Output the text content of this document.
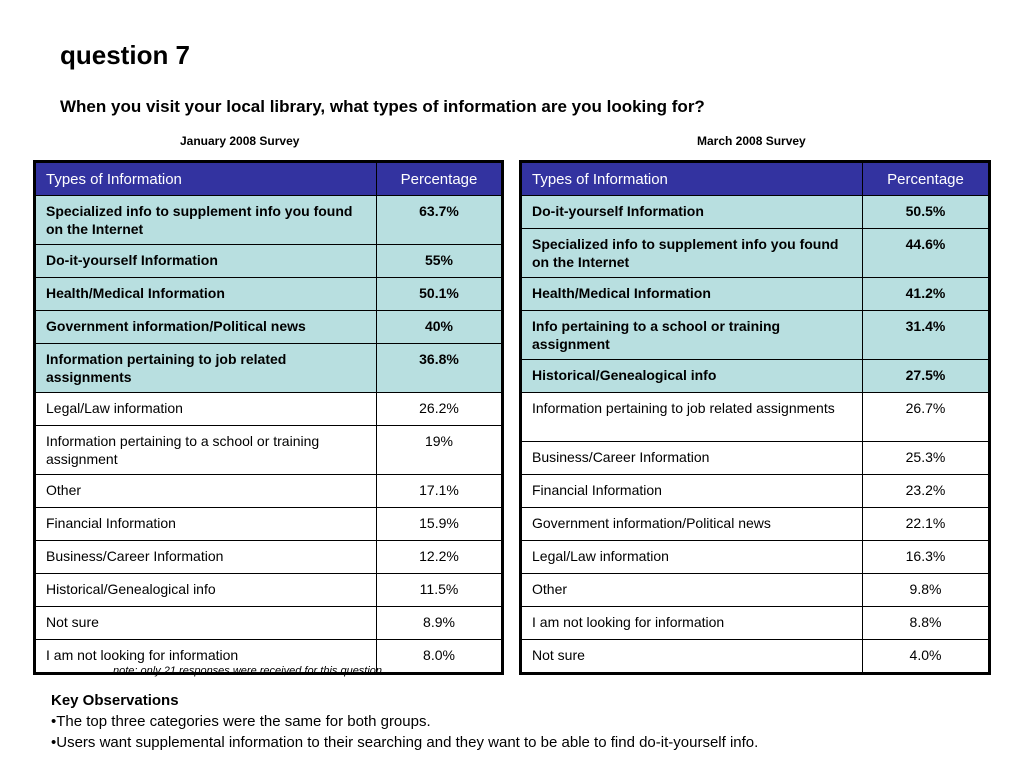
question 7
When you visit your local library, what types of information are you looking for?
January 2008 Survey	March 2008 Survey
Types of Information	Percentage
Specialized info to supplement info you found on the Internet	63.7%
Do-it-yourself Information	55%
Health/Medical Information	50.1%
Government information/Political news	40%
Information pertaining to job related assignments	36.8%
Legal/Law information	26.2%
Information pertaining to a school or training assignment	19%
Other	17.1%
Financial Information	15.9%
Business/Career Information	12.2%
Historical/Genealogical info	11.5%
Not sure	8.9%
I am not looking for information	8.0%
Types of Information	Percentage
Do-it-yourself Information	50.5%
Specialized info to supplement info you found on the Internet	44.6%
Health/Medical Information	41.2%
Info pertaining to a school or training assignment	31.4%
Historical/Genealogical info	27.5%
Information pertaining to job related assignments	26.7%
Business/Career Information	25.3%
Financial Information	23.2%
Government information/Political news	22.1%
Legal/Law information	16.3%
Other	9.8%
I am not looking for information	8.8%
Not sure	4.0%
note: only 21 responses were received for this question.
Key Observations
•The top three categories were the same for both groups.
•Users want supplemental information to their searching and they want to be able to find do-it-yourself info.
